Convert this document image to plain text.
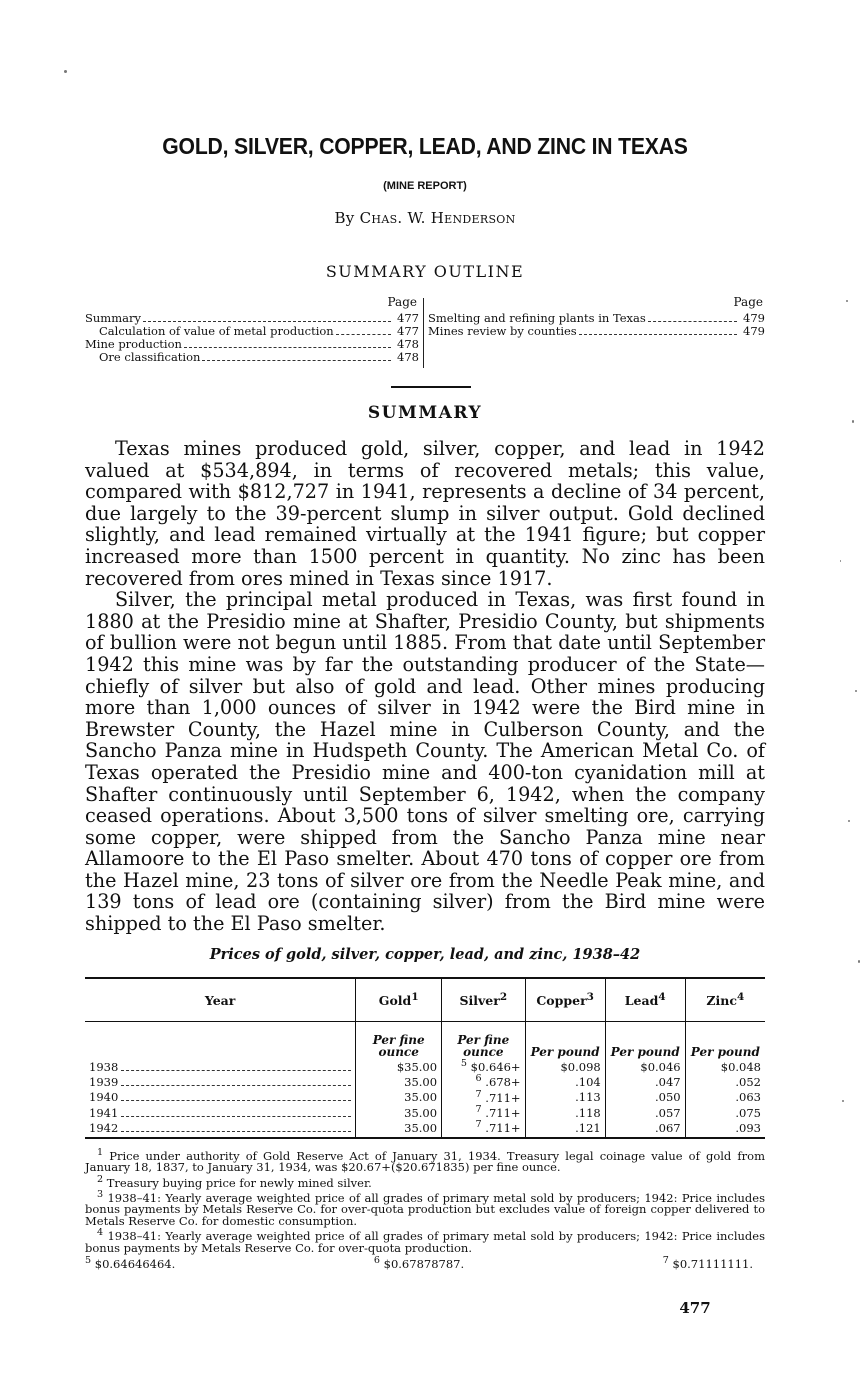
GOLD, SILVER, COPPER, LEAD, AND ZINC IN TEXAS
(MINE REPORT)
By Chas. W. Henderson
SUMMARY OUTLINE
Page
Summary	477
Calculation of value of metal production	477
Mine production	478
Ore classification	478
Page
Smelting and refining plants in Texas	479
Mines review by counties	479
SUMMARY

Texas mines produced gold, silver, copper, and lead in 1942 valued at $534,894, in terms of recovered metals; this value, compared with $812,727 in 1941, represents a decline of 34 percent, due largely to the 39-percent slump in silver output. Gold declined slightly, and lead remained virtually at the 1941 figure; but copper increased more than 1500 percent in quantity. No zinc has been recovered from ores mined in Texas since 1917.

Silver, the principal metal produced in Texas, was first found in 1880 at the Presidio mine at Shafter, Presidio County, but shipments of bullion were not begun until 1885. From that date until September 1942 this mine was by far the outstanding producer of the State—chiefly of silver but also of gold and lead. Other mines producing more than 1,000 ounces of silver in 1942 were the Bird mine in Brewster County, the Hazel mine in Culberson County, and the Sancho Panza mine in Hudspeth County. The American Metal Co. of Texas operated the Presidio mine and 400-ton cyanidation mill at Shafter continuously until September 6, 1942, when the company ceased operations. About 3,500 tons of silver smelting ore, carrying some copper, were shipped from the Sancho Panza mine near Allamoore to the El Paso smelter. About 470 tons of copper ore from the Hazel mine, 23 tons of silver ore from the Needle Peak mine, and 139 tons of lead ore (containing silver) from the Bird mine were shipped to the El Paso smelter.

Prices of gold, silver, copper, lead, and zinc, 1938–42
Year	Gold$^1$	Silver$^2$	Copper$^3$	Lead$^4$	Zinc$^4$
	Per fine ounce	Per fine ounce	Per pound	Per pound	Per pound
1938	$35.00	$^5$ $0.646+	$0.098	$0.046	$0.048
1939	35.00	$^6$ .678+	.104	.047	.052
1940	35.00	$^7$ .711+	.113	.050	.063
1941	35.00	$^7$ .711+	.118	.057	.075
1942	35.00	$^7$ .711+	.121	.067	.093

$^1$ Price under authority of Gold Reserve Act of January 31, 1934. Treasury legal coinage value of gold from January 18, 1837, to January 31, 1934, was $20.67+($20.671835) per fine ounce.

$^2$ Treasury buying price for newly mined silver.

$^3$ 1938–41: Yearly average weighted price of all grades of primary metal sold by producers; 1942: Price includes bonus payments by Metals Reserve Co. for over-quota production but excludes value of foreign copper delivered to Metals Reserve Co. for domestic consumption.

$^4$ 1938–41: Yearly average weighted price of all grades of primary metal sold by producers; 1942: Price includes bonus payments by Metals Reserve Co. for over-quota production.

$^5$ $0.64646464.	$^6$ $0.67878787.	$^7$ $0.71111111.
477
